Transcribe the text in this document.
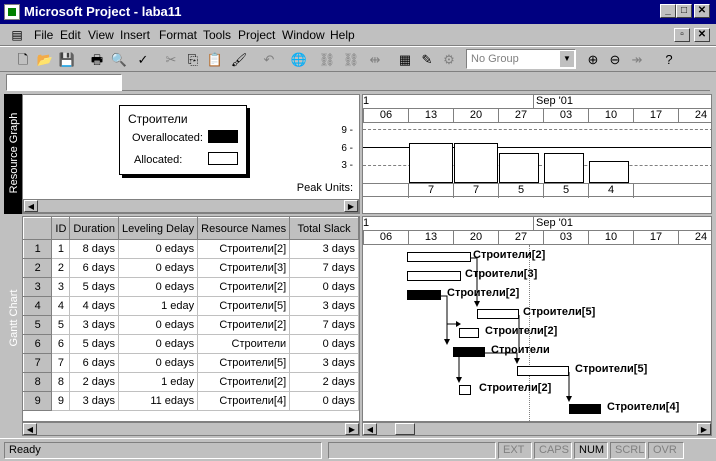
Microsoft Project - laba11	_	□	✕
▤ File Edit View Insert Format Tools Project Window Help	▫	✕
🗋 📂 💾 🖶 🔍 ✓ ✂ ⎘ 📋 🖌 ↶ 🌐 ⛓ ⛓ ⇹ ▦ ✎ ⚙	No Group	▼ ⊕ ⊖ ↠	?
Resource Graph
Gantt Chart
Строители
Overallocated:
Allocated:
Peak Units:
9 -
6 -
3 -
◀	▶
1	Sep '01
06	13	20	27	03	10	17	24
7	7	5	5	4
	ID	Duration	Leveling Delay	Resource Names	Total Slack
1	1	8 days	0 edays	Строители[2]	3 days
2	2	6 days	0 edays	Строители[3]	7 days
3	3	5 days	0 edays	Строители[2]	0 days
4	4	4 days	1 eday	Строители[5]	3 days
5	5	3 days	0 edays	Строители[2]	7 days
6	6	5 days	0 edays	Строители	0 days
7	7	6 days	0 edays	Строители[5]	3 days
8	8	2 days	1 eday	Строители[2]	2 days
9	9	3 days	11 edays	Строители[4]	0 days
◀	▶
1	Sep '01
06	13	20	27	03	10	17	24
Строители[2]
Строители[3]
Строители[2]
Строители[5]
Строители[2]
Строители
Строители[5]
Строители[2]
Строители[4]
◀	▶
Ready	EXT	CAPS NUM SCRL OVR
